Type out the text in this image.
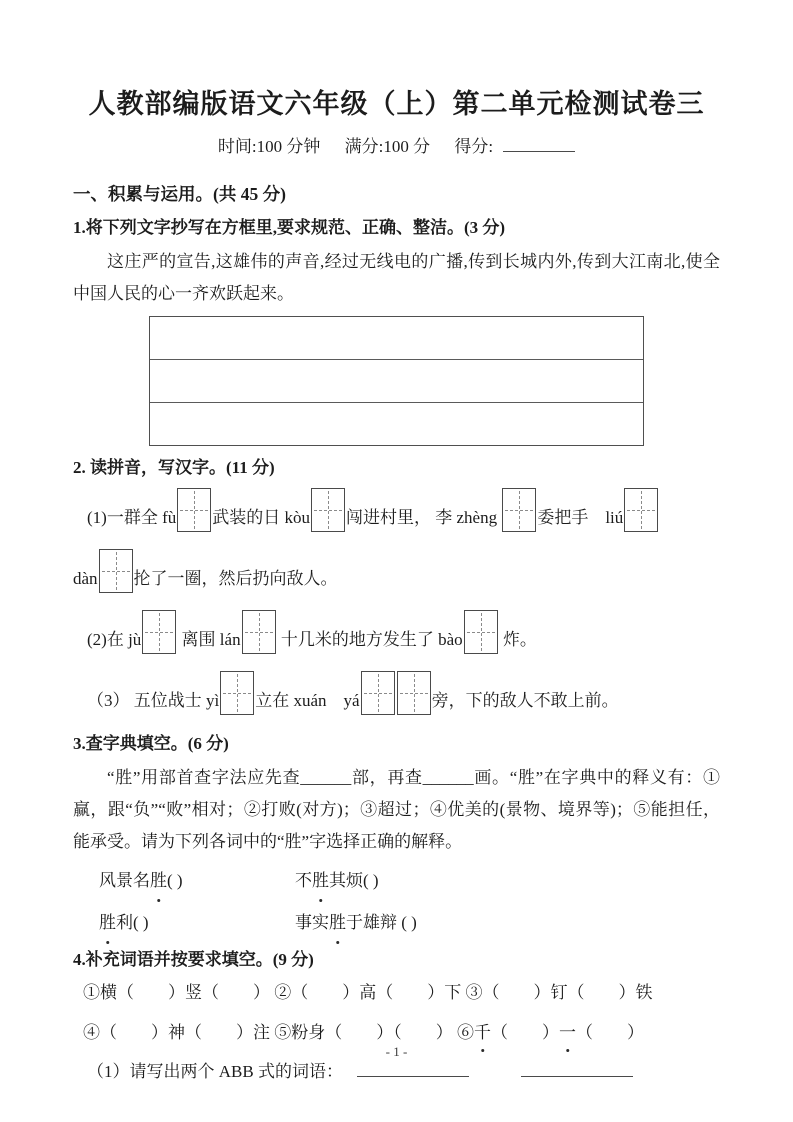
人教部编版语文六年级（上）第二单元检测试卷三
时间:100 分钟 满分:100 分 得分:

一、积累与运用。(共 45 分)

1.将下列文字抄写在方框里,要求规范、正确、整洁。(3 分)

这庄严的宣告,这雄伟的声音,经过无线电的广播,传到长城内外,传到大江南北,使全中国人民的心一齐欢跃起来。

2. 读拼音，写汉字。(11 分)

(1)一群全 fù 武装的日 kòu 闯进村里， 李 zhèng 委把手　liú
dàn 抡了一圈，然后扔向敌人。
(2)在 jù 离围 lán 十几米的地方发生了 bào 炸。
（3） 五位战士 yì 立在 xuán　yá	旁，下的敌人不敢上前。

3.查字典填空。(6 分)

“胜”用部首查字法应先查______部，再查______画。“胜”在字典中的释义有：①赢，跟“负”“败”相对；②打败(对方)；③超过；④优美的(景物、境界等)；⑤能担任，能承受。请为下列各词中的“胜”字选择正确的解释。

风景名胜( )	不胜其烦( )
胜利( )	事实胜于雄辩 ( )

4.补充词语并按要求填空。(9 分)

①横（　　）竖（　　） ②（　　）高（　　）下 ③（　　）钉（　　）铁
④（　　）神（　　）注 ⑤粉身（　　）（　　） ⑥千（　　）一（　　）
（1）请写出两个 ABB 式的词语：
- 1 -
